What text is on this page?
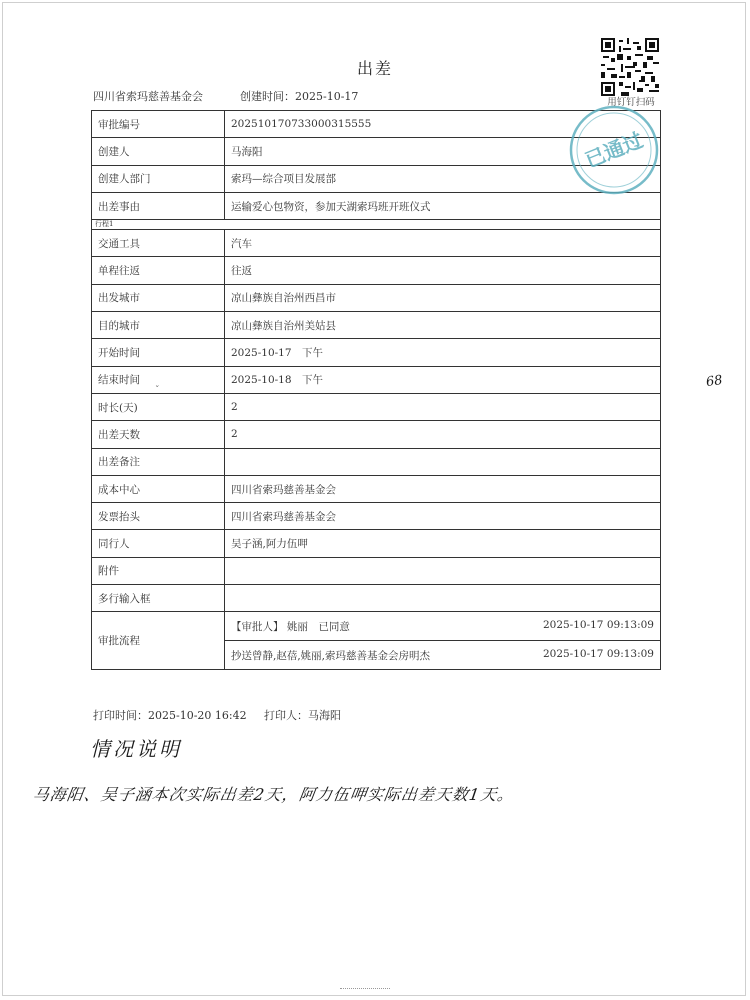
出差
四川省索玛慈善基金会	创建时间：2025-10-17	用钉钉扫码
审批编号	202510170733000315555
创建人	马海阳
创建人部门	索玛—综合项目发展部
出差事由	运输爱心包物资，参加天湖索玛班开班仪式
行程1	
交通工具	汽车
单程往返	往返
出发城市	凉山彝族自治州西昌市
目的城市	凉山彝族自治州美姑县
开始时间	2025-10-17　下午
结束时间	2025-10-18　下午
时长(天)	2
出差天数	2
出差备注	
成本中心	四川省索玛慈善基金会
发票抬头	四川省索玛慈善基金会
同行人	吴子涵,阿力伍呷
附件	
多行输入框	
审批流程	【审批人】 姚丽　已同意 2025-10-17 09:13:09

	抄送曾静,赵蓓,姚丽,索玛慈善基金会房明杰 2025-10-17 09:13:09
已通过
ˇ
打印时间：2025-10-20 16:42 打印人：马海阳
情况说明
马海阳、吴子涵本次实际出差2天，阿力伍呷实际出差天数1天。
68
